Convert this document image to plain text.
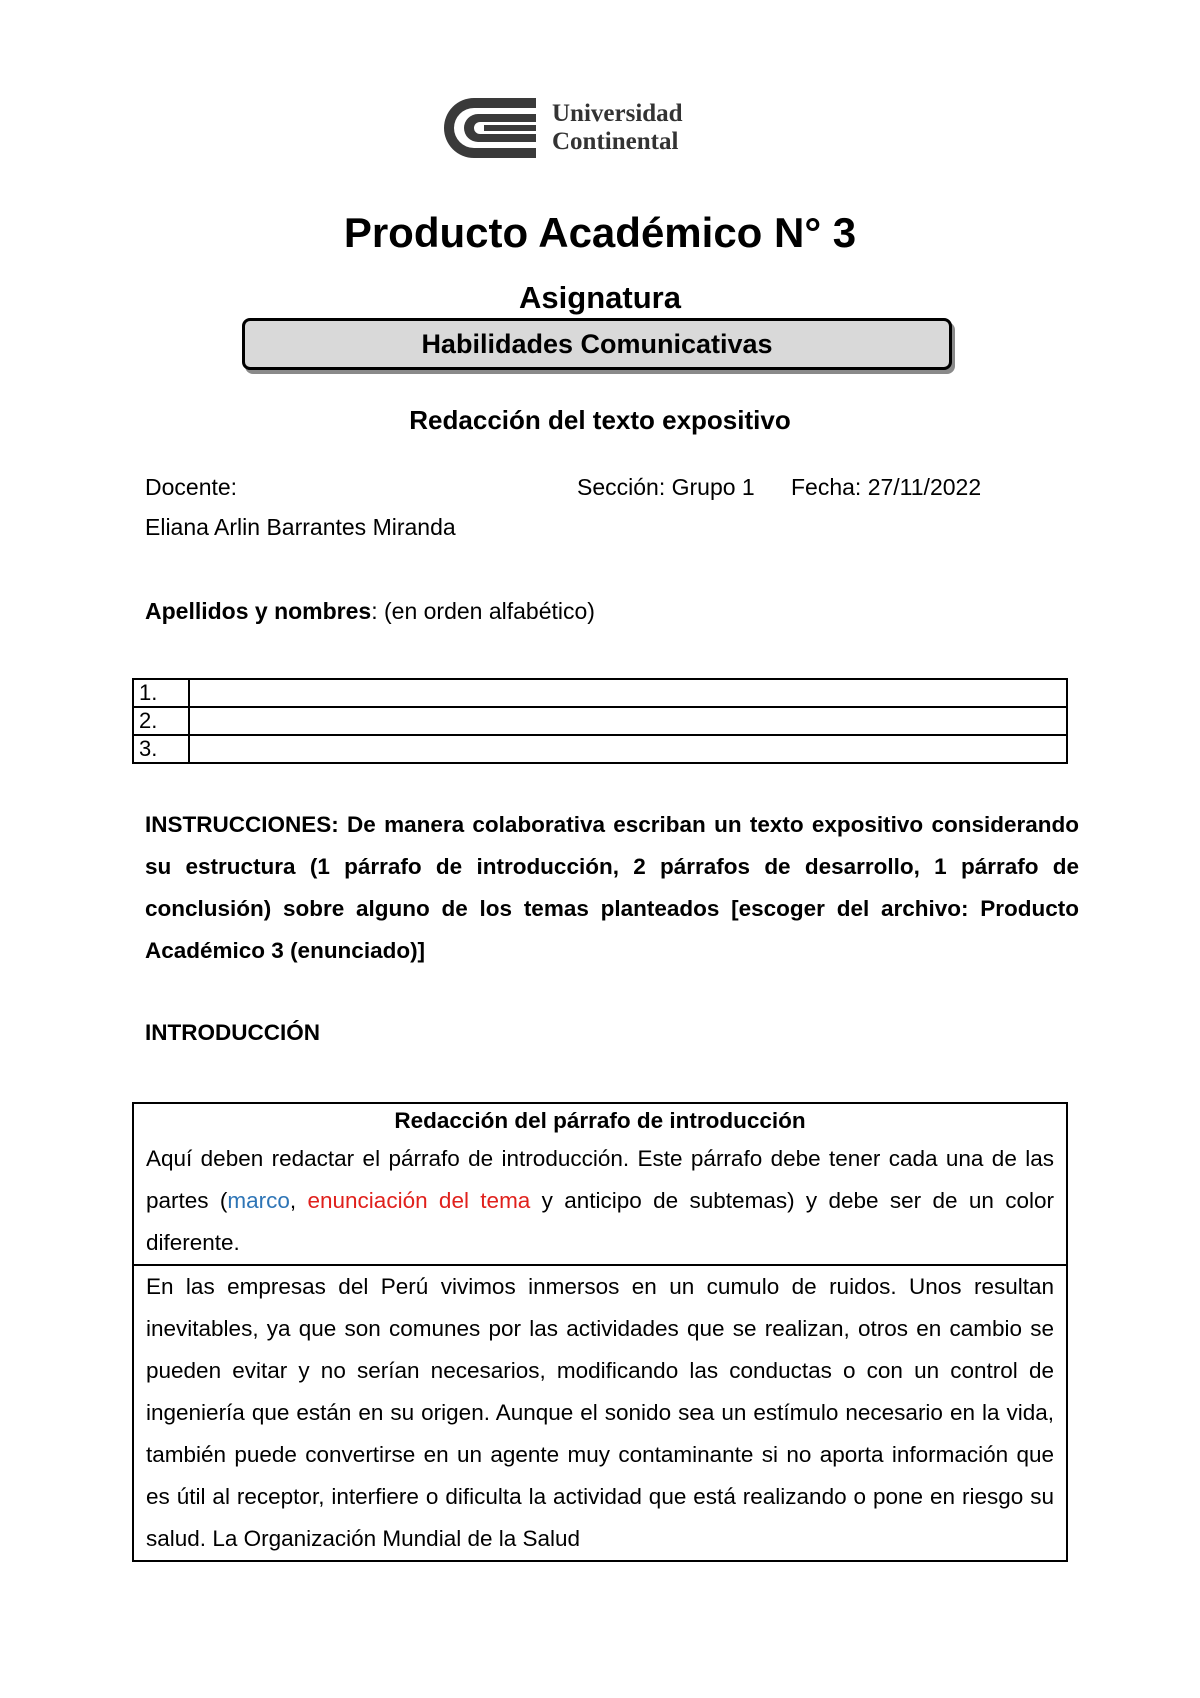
Universidad
Continental
Producto Académico N° 3
Asignatura
Habilidades Comunicativas
Redacción del texto expositivo
Docente:
Eliana Arlin Barrantes Miranda
Sección: Grupo 1 Fecha: 27/11/2022
Apellidos y nombres: (en orden alfabético)
1.	
2.	
3.	
INSTRUCCIONES: De manera colaborativa escriban un texto expositivo considerando su estructura (1 párrafo de introducción, 2 párrafos de desarrollo, 1 párrafo de conclusión) sobre alguno de los temas planteados [escoger del archivo: Producto Académico 3 (enunciado)]
INTRODUCCIÓN
Redacción del párrafo de introducción
Aquí deben redactar el párrafo de introducción. Este párrafo debe tener cada una de las partes (marco, enunciación del tema y anticipo de subtemas) y debe ser de un color diferente.
En las empresas del Perú vivimos inmersos en un cumulo de ruidos. Unos resultan inevitables, ya que son comunes por las actividades que se realizan, otros en cambio se pueden evitar y no serían necesarios, modificando las conductas o con un control de ingeniería que están en su origen. Aunque el sonido sea un estímulo necesario en la vida, también puede convertirse en un agente muy contaminante si no aporta información que es útil al receptor, interfiere o dificulta la actividad que está realizando o pone en riesgo su salud. La Organización Mundial de la Salud
